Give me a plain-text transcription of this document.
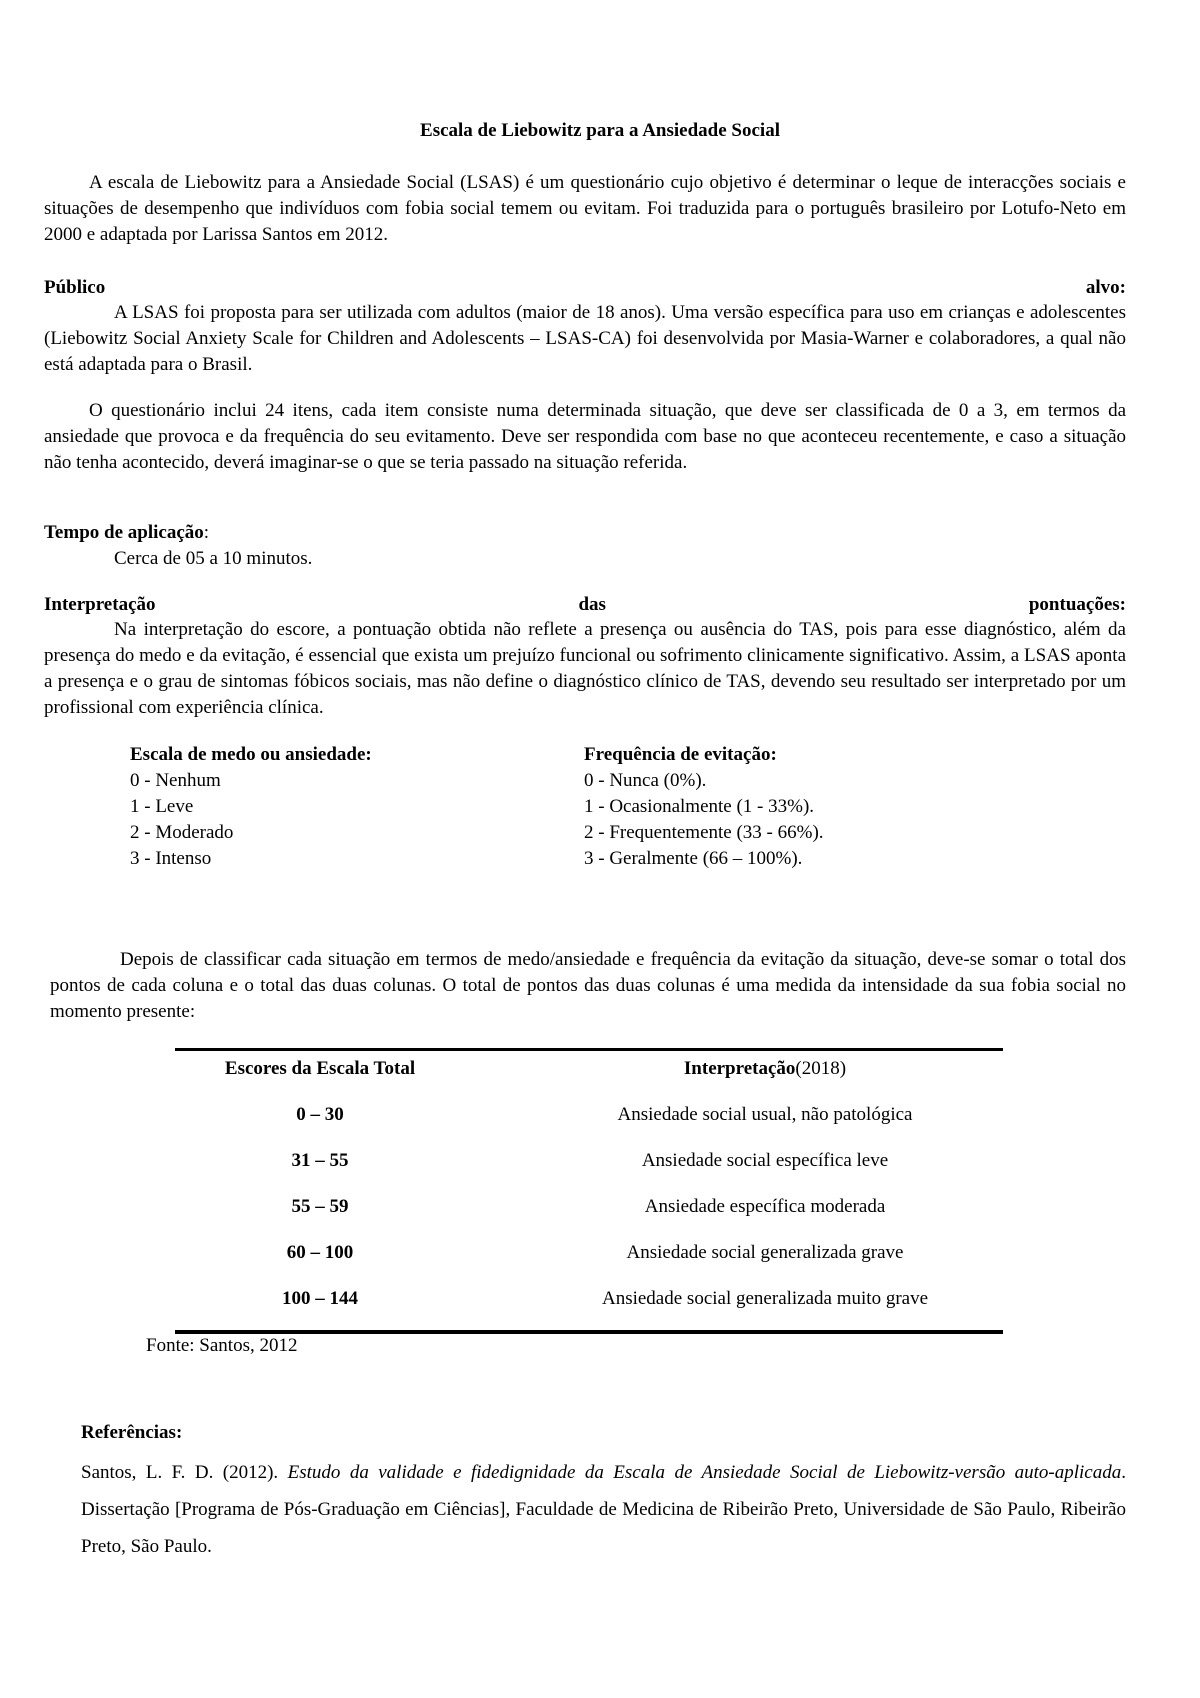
Escala de Liebowitz para a Ansiedade Social
A escala de Liebowitz para a Ansiedade Social (LSAS) é um questionário cujo objetivo é determinar o leque de interacções sociais e situações de desempenho que indivíduos com fobia social temem ou evitam. Foi traduzida para o português brasileiro por Lotufo-Neto em 2000 e adaptada por Larissa Santos em 2012.
Público	alvo:
A LSAS foi proposta para ser utilizada com adultos (maior de 18 anos). Uma versão específica para uso em crianças e adolescentes (Liebowitz Social Anxiety Scale for Children and Adolescents – LSAS-CA) foi desenvolvida por Masia-Warner e colaboradores, a qual não está adaptada para o Brasil.
O questionário inclui 24 itens, cada item consiste numa determinada situação, que deve ser classificada de 0 a 3, em termos da ansiedade que provoca e da frequência do seu evitamento. Deve ser respondida com base no que aconteceu recentemente, e caso a situação não tenha acontecido, deverá imaginar-se o que se teria passado na situação referida.
Tempo de aplicação:
Cerca de 05 a 10 minutos.
Interpretação	das	pontuações:
Na interpretação do escore, a pontuação obtida não reflete a presença ou ausência do TAS, pois para esse diagnóstico, além da presença do medo e da evitação, é essencial que exista um prejuízo funcional ou sofrimento clinicamente significativo. Assim, a LSAS aponta a presença e o grau de sintomas fóbicos sociais, mas não define o diagnóstico clínico de TAS, devendo seu resultado ser interpretado por um profissional com experiência clínica.
Escala de medo ou ansiedade:
0 - Nenhum
1 - Leve
2 - Moderado
3 - Intenso
Frequência de evitação:
0 - Nunca (0%).
1 - Ocasionalmente (1 - 33%).
2 - Frequentemente (33 - 66%).
3 - Geralmente (66 – 100%).
Depois de classificar cada situação em termos de medo/ansiedade e frequência da evitação da situação, deve-se somar o total dos pontos de cada coluna e o total das duas colunas. O total de pontos das duas colunas é uma medida da intensidade da sua fobia social no momento presente:
Escores da Escala Total	Interpretação(2018)
0 – 30	Ansiedade social usual, não patológica
31 – 55	Ansiedade social específica leve
55 – 59	Ansiedade específica moderada
60 – 100	Ansiedade social generalizada grave
100 – 144	Ansiedade social generalizada muito grave
Fonte: Santos, 2012
Referências:
Santos, L. F. D. (2012). Estudo da validade e fidedignidade da Escala de Ansiedade Social de Liebowitz-versão auto-aplicada. Dissertação [Programa de Pós-Graduação em Ciências], Faculdade de Medicina de Ribeirão Preto, Universidade de São Paulo, Ribeirão Preto, São Paulo.
